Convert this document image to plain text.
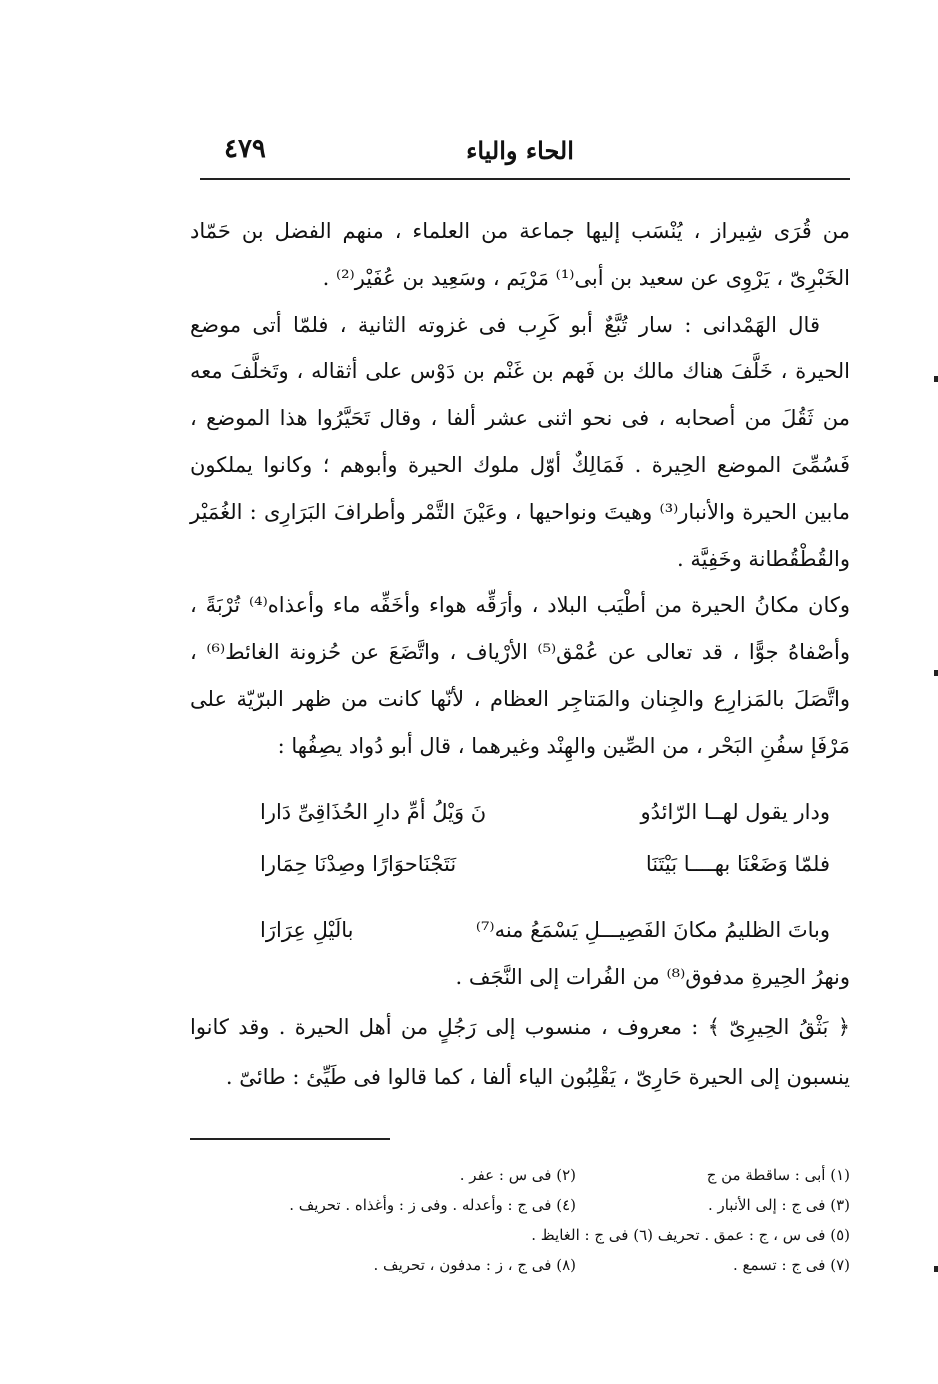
الحاء والياء
٤٧٩

من قُرَى شِيراز ، يُنْسَب إليها جماعة من العلماء ، منهم الفضل بن حَمّاد الخَبْرِىّ ، يَرْوِى عن سعيد بن أبى⁽¹⁾ مَرْيَم ، وسَعِيد بن عُفَيْر⁽²⁾ .

قال الهَمْدانى : سار تُبَّعٌ أبو كَرِب فى غزوته الثانية ، فلمّا أتى موضع الحيرة ، خَلَّفَ هناك مالك بن فَهم بن غَنْم بن دَوْس على أثقاله ، وتَخلَّفَ معه من ثَقُلَ من أصحابه ، فى نحو اثنى عشر ألفا ، وقال تَحَيَّرُوا هذا الموضع ، فَسُمِّىَ الموضع الحِيرة . فَمَالِكٌ أوّل ملوك الحيرة وأبوهم ؛ وكانوا يملكون مابين الحيرة والأنبار⁽³⁾ وهيتَ ونواحيها ، وعَيْنَ التَّمْر وأطرافَ البَرَارِى : الغُمَيْر والقُطْقُطانة وخَفِيَّة .

وكان مكانُ الحيرة من أطْيَب البلاد ، وأرَقِّه هواء وأخَفِّه ماء وأعذاه⁽⁴⁾ تُرْبَةً ، وأصْفاهُ جوًّا ، قد تعالى عن عُمْق⁽⁵⁾ الأرْياف ، واتَّضَعَ عن حُزونة الغائط⁽⁶⁾ ، واتَّصَلَ بالمَزارِع والجِنان والمَتاجِر العظام ، لأنّها كانت من ظهر البرّيّة على مَرْفَإ سفُنِ البَحْر ، من الصِّين والهِنْد وغيرهما ، قال أبو دُواد يصِفُها :

ودار يقول لهــا الرّائدُو
نَ وَيْلُ أمِّ دارِ الحُذَاقِىِّ دَارا
فلمّا وَضَعْنَا بهــــا بَيْتَنَا
نَتَجْنَاحوَارًا وصِدْنَا حِمَارا
وباتَ الظليمُ مكانَ الفَصِيـــلِ يَسْمَعُ منه⁽⁷⁾
بالَيْلِ عِرَارَا

ونهرُ الحِيرةِ مدفوق⁽⁸⁾ من الفُرات إلى النَّجَف .

﴿ بَثْقُ الحِيرِىّ ﴾ : معروف ، منسوب إلى رَجُلٍ من أهل الحيرة . وقد كانوا ينسبون إلى الحيرة حَارِىّ ، يَقْلِبُون الياء ألفا ، كما قالوا فى طَيِّئ : طائىّ .

(١) أبى : ساقطة من ج
(٢) فى س : عفر .
(٣) فى ج : إلى الأنبار .
(٤) فى ج : وأعدله . وفى ز : وأغذاه . تحريف .
(٥) فى س ، ج : عمق . تحريف (٦) فى ج : الغايظ .
(٧) فى ج : تسمع .
(٨) فى ج ، ز : مدفون ، تحريف .
